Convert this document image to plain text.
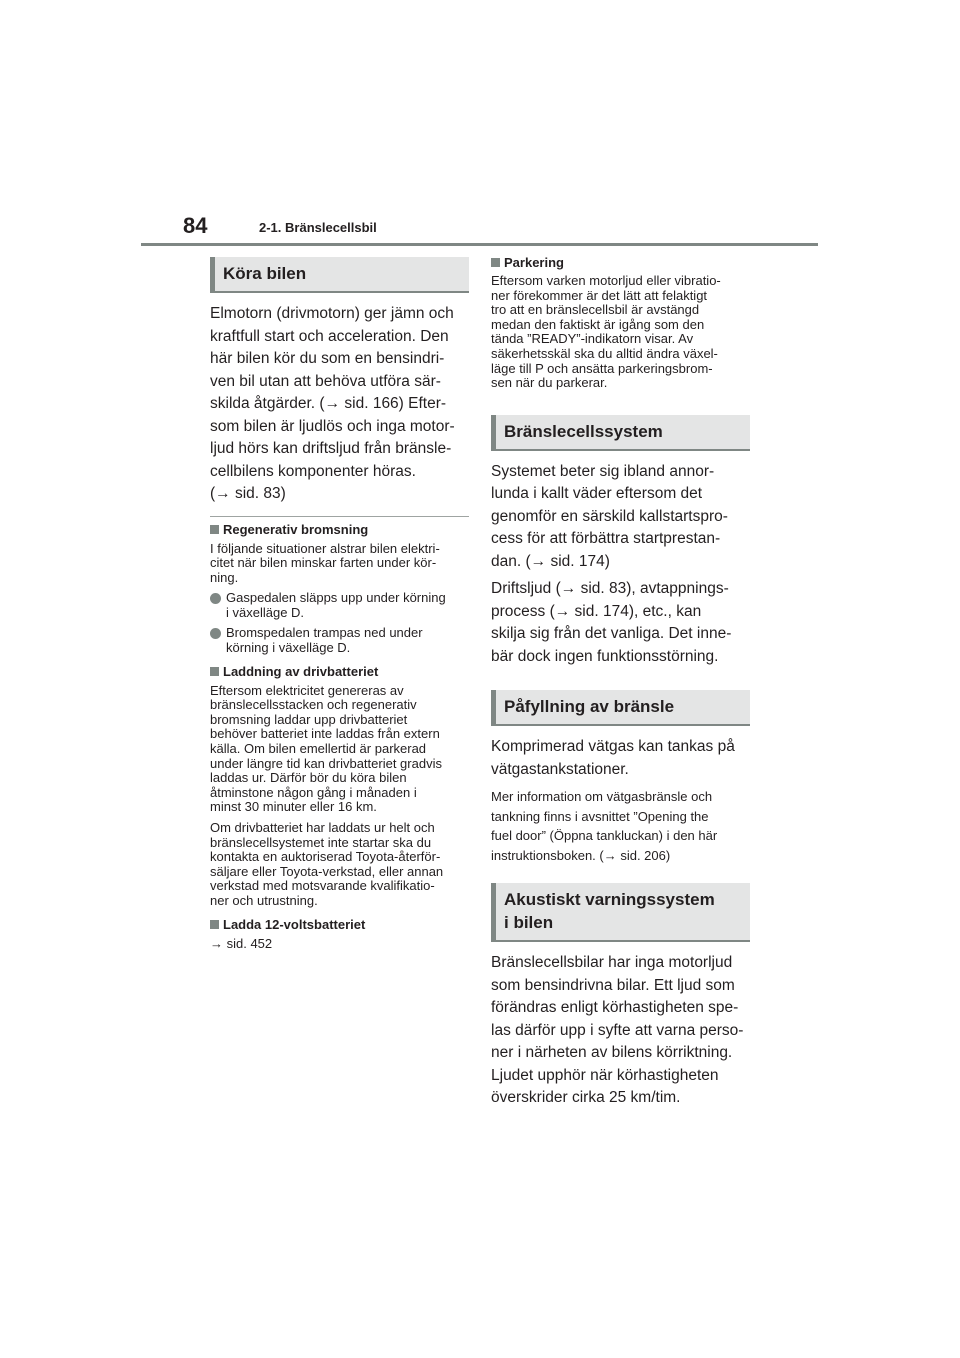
84	2-1. Bränslecellsbil
Köra bilen
Elmotorn (drivmotorn) ger jämn och
kraftfull start och acceleration. Den
här bilen kör du som en bensindri-
ven bil utan att behöva utföra sär-
skilda åtgärder. (→ sid. 166) Efter-
som bilen är ljudlös och inga motor-
ljud hörs kan driftsljud från bränsle-
cellbilens komponenter höras.
(→ sid. 83)
Regenerativ bromsning
I följande situationer alstrar bilen elektri-
citet när bilen minskar farten under kör-
ning.
Gaspedalen släpps upp under körning
i växelläge D.
Bromspedalen trampas ned under
körning i växelläge D.
Laddning av drivbatteriet
Eftersom elektricitet genereras av
bränslecellsstacken och regenerativ
bromsning laddar upp drivbatteriet
behöver batteriet inte laddas från extern
källa. Om bilen emellertid är parkerad
under längre tid kan drivbatteriet gradvis
laddas ur. Därför bör du köra bilen
åtminstone någon gång i månaden i
minst 30 minuter eller 16 km.
Om drivbatteriet har laddats ur helt och
bränslecellsystemet inte startar ska du
kontakta en auktoriserad Toyota-återför-
säljare eller Toyota-verkstad, eller annan
verkstad med motsvarande kvalifikatio-
ner och utrustning.
Ladda 12-voltsbatteriet
→ sid. 452
Parkering
Eftersom varken motorljud eller vibratio-
ner förekommer är det lätt att felaktigt
tro att en bränslecellsbil är avstängd
medan den faktiskt är igång som den
tända ”READY”-indikatorn visar. Av
säkerhetsskäl ska du alltid ändra växel-
läge till P och ansätta parkeringsbrom-
sen när du parkerar.
Bränslecellssystem
Systemet beter sig ibland annor-
lunda i kallt väder eftersom det
genomför en särskild kallstartspro-
cess för att förbättra startprestan-
dan. (→ sid. 174)
Driftsljud (→ sid. 83), avtappnings-
process (→ sid. 174), etc., kan
skilja sig från det vanliga. Det inne-
bär dock ingen funktionsstörning.
Påfyllning av bränsle
Komprimerad vätgas kan tankas på
vätgastankstationer.
Mer information om vätgasbränsle och
tankning finns i avsnittet ”Opening the
fuel door” (Öppna tankluckan) i den här
instruktionsboken. (→ sid. 206)
Akustiskt varningssystem
i bilen
Bränslecellsbilar har inga motorljud
som bensindrivna bilar. Ett ljud som
förändras enligt körhastigheten spe-
las därför upp i syfte att varna perso-
ner i närheten av bilens körriktning.
Ljudet upphör när körhastigheten
överskrider cirka 25 km/tim.
